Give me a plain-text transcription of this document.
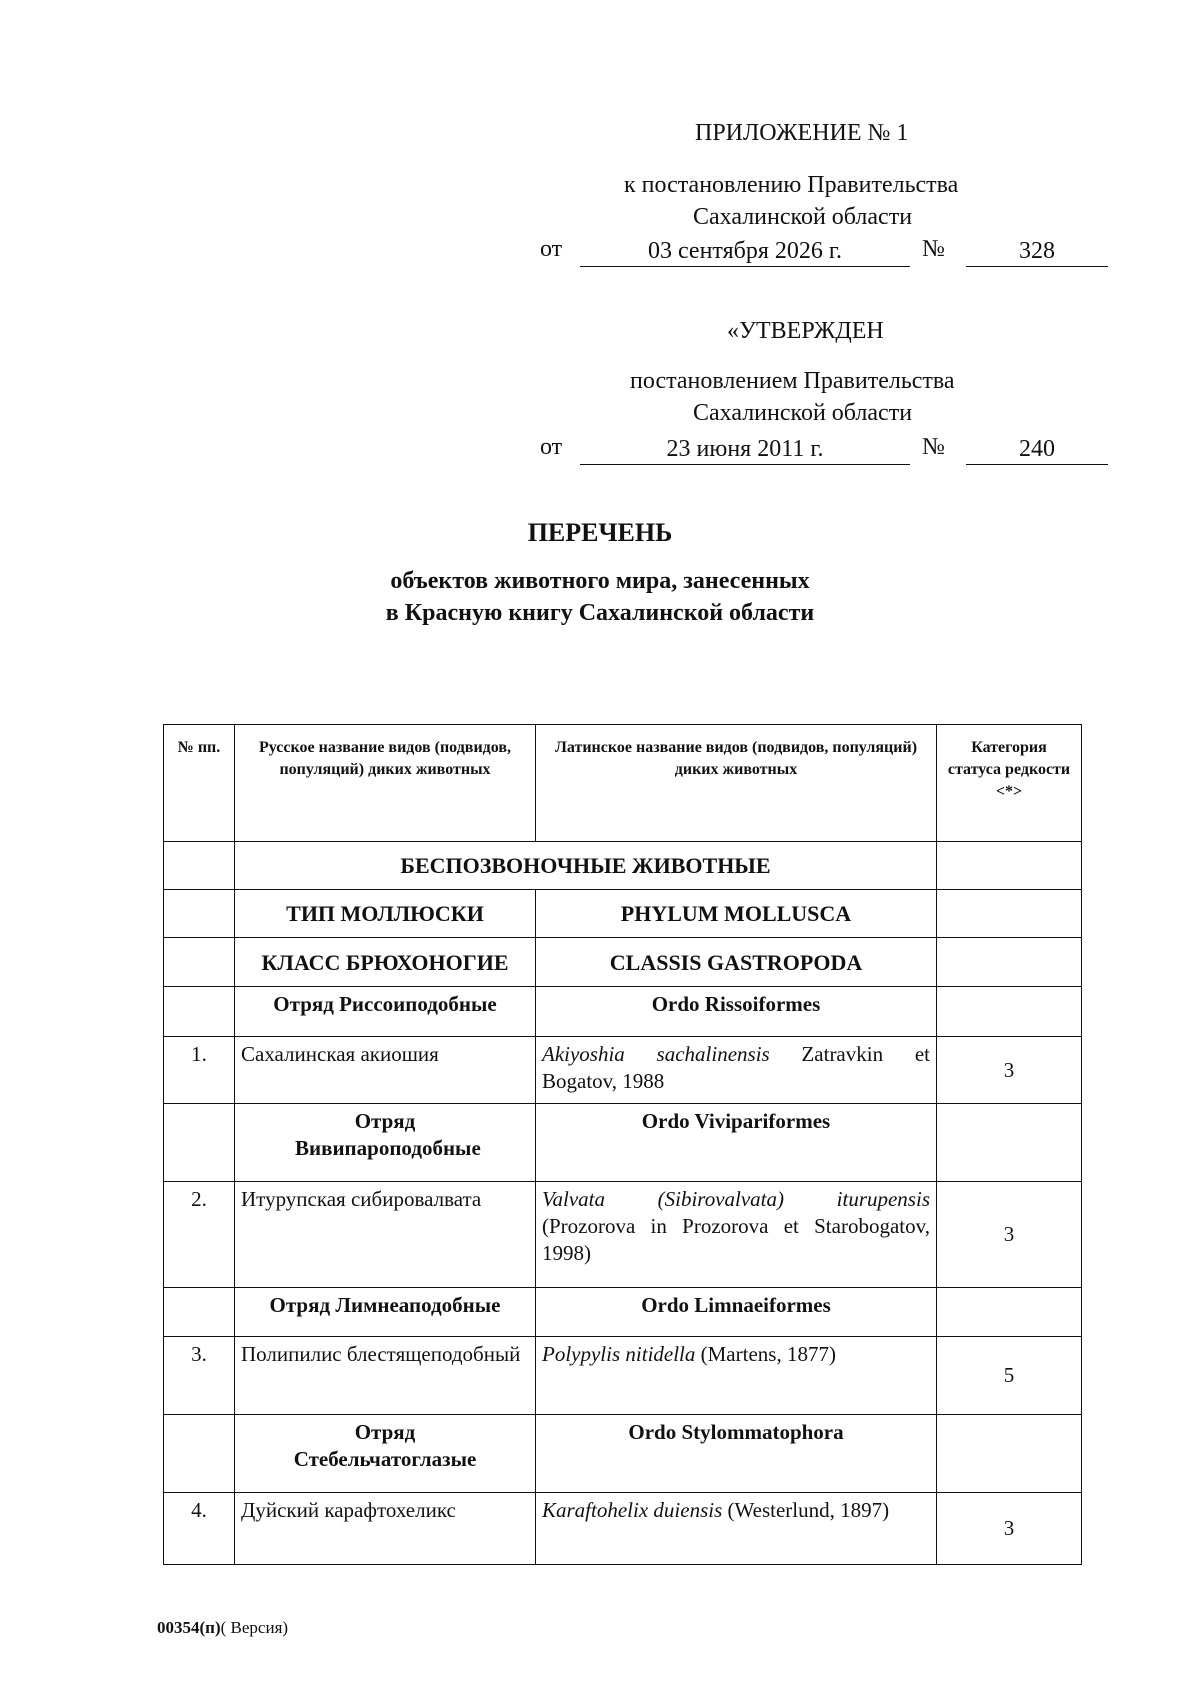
ПРИЛОЖЕНИЕ № 1
к постановлению Правительства
Сахалинской области
от	03 сентября 2026 г.	№	328
«УТВЕРЖДЕН
постановлением Правительства
Сахалинской области
от	23 июня 2011 г.	№	240
ПЕРЕЧЕНЬ
объектов животного мира, занесенных
в Красную книгу Сахалинской области
№ пп.	Русское название видов (подвидов, популяций) диких животных	Латинское название видов (подвидов, популяций) диких животных	Категория статуса редкости <*>
	БЕСПОЗВОНОЧНЫЕ ЖИВОТНЫЕ		
	ТИП МОЛЛЮСКИ	PHYLUM MOLLUSCA	
	КЛАСС БРЮХОНОГИЕ	CLASSIS GASTROPODA	
	Отряд Риссоиподобные	Ordo Rissoiformes	
1.	Сахалинская акиошия	Akiyoshia sachalinensis Zatravkin et Bogatov, 1988	3
	Отряд Вивипароподобные	Ordo Vivipariformes	
2.	Итурупская сибировалвата	Valvata (Sibirovalvata) iturupensis (Prozorova in Prozorova et Starobogatov, 1998)	3
	Отряд Лимнеаподобные	Ordo Limnaeiformes	
3.	Полипилис блестящеподобный	Polypylis nitidella (Martens, 1877)	5
	Отряд Стебельчатоглазые	Ordo Stylommatophora	
4.	Дуйский карафтохеликс	Karaftohelix duiensis (Westerlund, 1897)	3
00354(п)( Версия)
